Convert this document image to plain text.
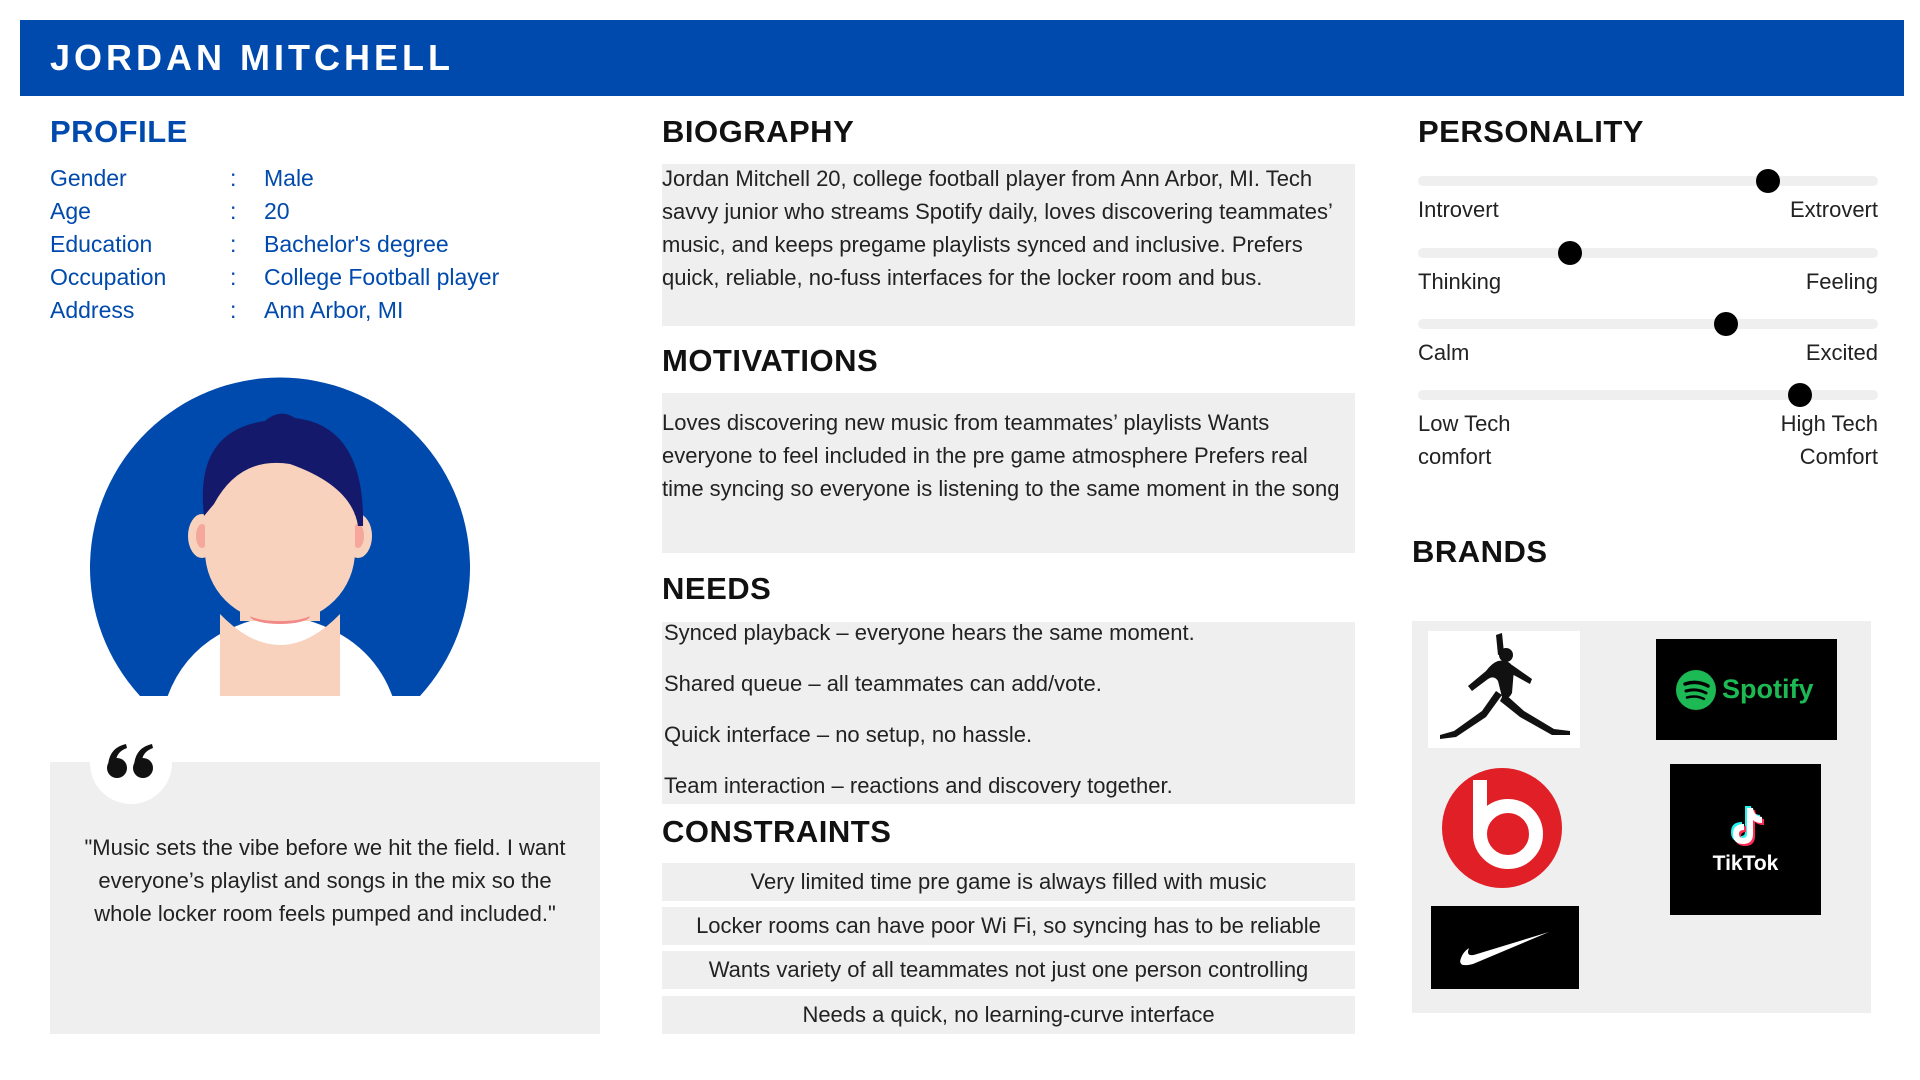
JORDAN MITCHELL
PROFILE
Gender	: Male
Age	: 20
Education	: Bachelor's degree
Occupation	: College Football player
Address	: Ann Arbor, MI
"Music sets the vibe before we hit the field. I want everyone’s playlist and songs in the mix so the whole locker room feels pumped and included."
BIOGRAPHY
Jordan Mitchell 20, college football player from Ann Arbor, MI. Tech savvy junior who streams Spotify daily, loves discovering teammates’ music, and keeps pregame playlists synced and inclusive. Prefers quick, reliable, no-fuss interfaces for the locker room and bus.
MOTIVATIONS
Loves discovering new music from teammates’ playlists Wants everyone to feel included in the pre game atmosphere Prefers real time syncing so everyone is listening to the same moment in the song
NEEDS
Synced playback – everyone hears the same moment.
Shared queue – all teammates can add/vote.
Quick interface – no setup, no hassle.
Team interaction – reactions and discovery together.
CONSTRAINTS
Very limited time pre game is always filled with music
Locker rooms can have poor Wi Fi, so syncing has to be reliable
Wants variety of all teammates not just one person controlling
Needs a quick, no learning-curve interface
PERSONALITY
Introvert	Extrovert
Thinking	Feeling
Calm	Excited
Low Tech comfort
High Tech Comfort
BRANDS
Spotify
TikTok
